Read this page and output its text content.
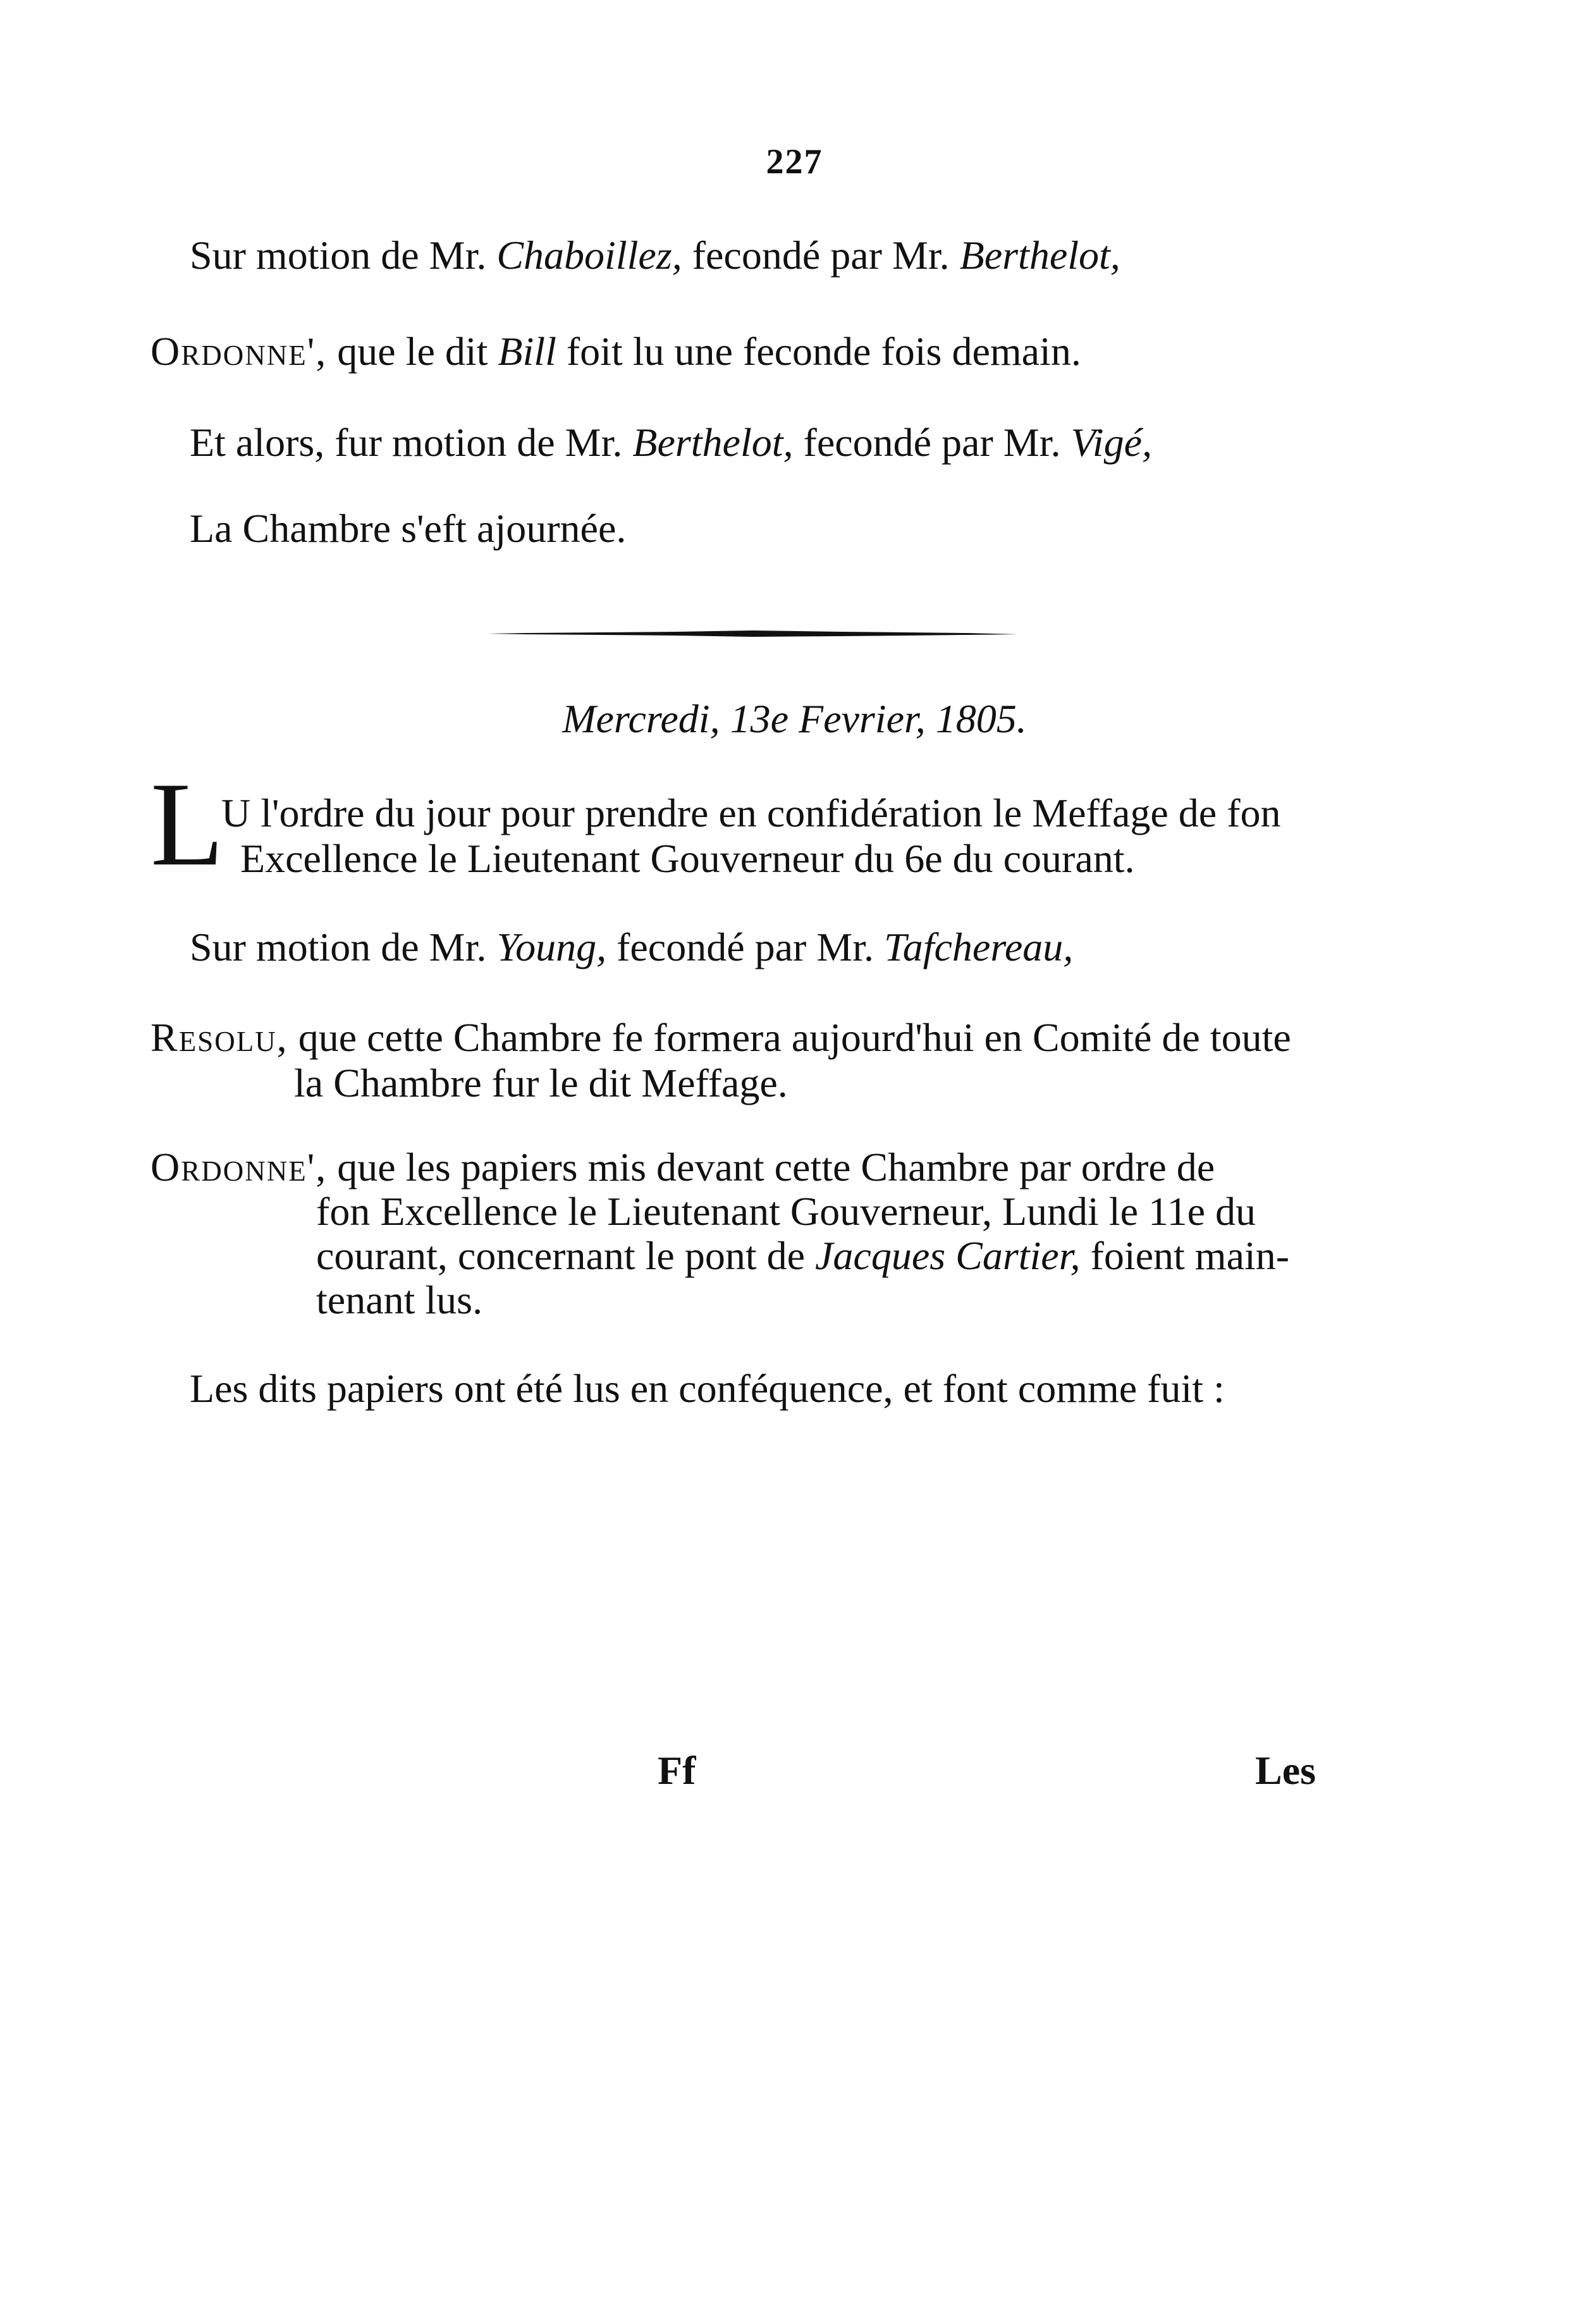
227
Sur motion de Mr. Chaboillez, fecondé par Mr. Berthelot,
Ordonne', que le dit Bill foit lu une feconde fois demain.
Et alors, fur motion de Mr. Berthelot, fecondé par Mr. Vigé,
La Chambre s'eft ajournée.
Mercredi, 13e Fevrier, 1805.
L
U l'ordre du jour pour prendre en confidération le Meffage de fon
Excellence le Lieutenant Gouverneur du 6e du courant.
Sur motion de Mr. Young, fecondé par Mr. Tafchereau,
Resolu, que cette Chambre fe formera aujourd'hui en Comité de toute
la Chambre fur le dit Meffage.
Ordonne', que les papiers mis devant cette Chambre par ordre de
fon Excellence le Lieutenant Gouverneur, Lundi le 11e du
courant, concernant le pont de Jacques Cartier, foient main-
tenant lus.
Les dits papiers ont été lus en conféquence, et font comme fuit :
Ff	Les
